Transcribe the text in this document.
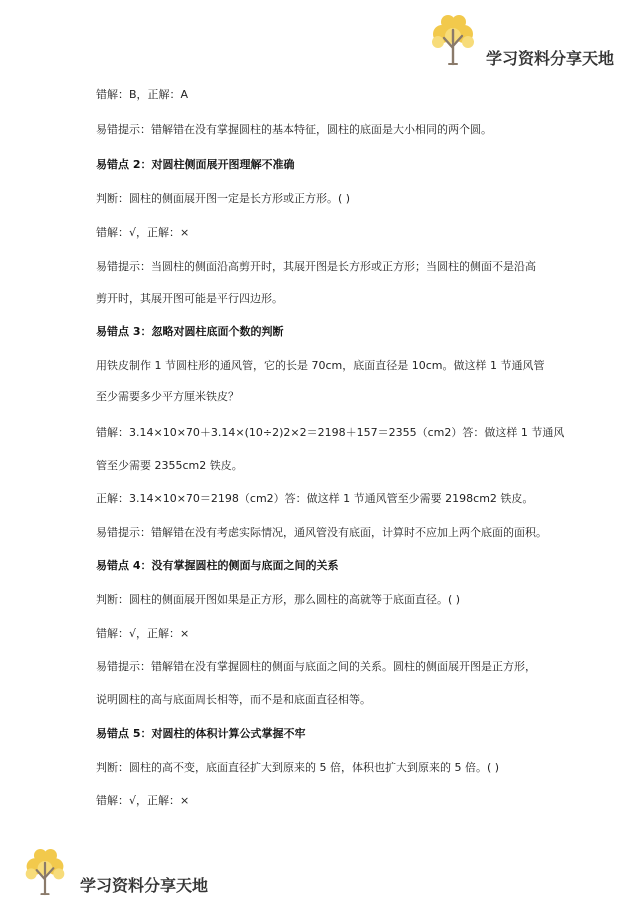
学习资料分享天地
错解：B，正解：A
易错提示：错解错在没有掌握圆柱的基本特征，圆柱的底面是大小相同的两个圆。
易错点 2：对圆柱侧面展开图理解不准确
判断：圆柱的侧面展开图一定是长方形或正方形。( )
错解：√，正解：×
易错提示：当圆柱的侧面沿高剪开时，其展开图是长方形或正方形；当圆柱的侧面不是沿高
剪开时，其展开图可能是平行四边形。
易错点 3：忽略对圆柱底面个数的判断
用铁皮制作 1 节圆柱形的通风管，它的长是 70cm，底面直径是 10cm。做这样 1 节通风管
至少需要多少平方厘米铁皮？
错解：3.14×10×70＋3.14×(10÷2)2×2＝2198＋157＝2355（cm2）答：做这样 1 节通风
管至少需要 2355cm2 铁皮。
正解：3.14×10×70＝2198（cm2）答：做这样 1 节通风管至少需要 2198cm2 铁皮。
易错提示：错解错在没有考虑实际情况，通风管没有底面，计算时不应加上两个底面的面积。
易错点 4：没有掌握圆柱的侧面与底面之间的关系
判断：圆柱的侧面展开图如果是正方形，那么圆柱的高就等于底面直径。( )
错解：√，正解：×
易错提示：错解错在没有掌握圆柱的侧面与底面之间的关系。圆柱的侧面展开图是正方形，
说明圆柱的高与底面周长相等，而不是和底面直径相等。
易错点 5：对圆柱的体积计算公式掌握不牢
判断：圆柱的高不变，底面直径扩大到原来的 5 倍，体积也扩大到原来的 5 倍。( )
错解：√，正解：×
学习资料分享天地
